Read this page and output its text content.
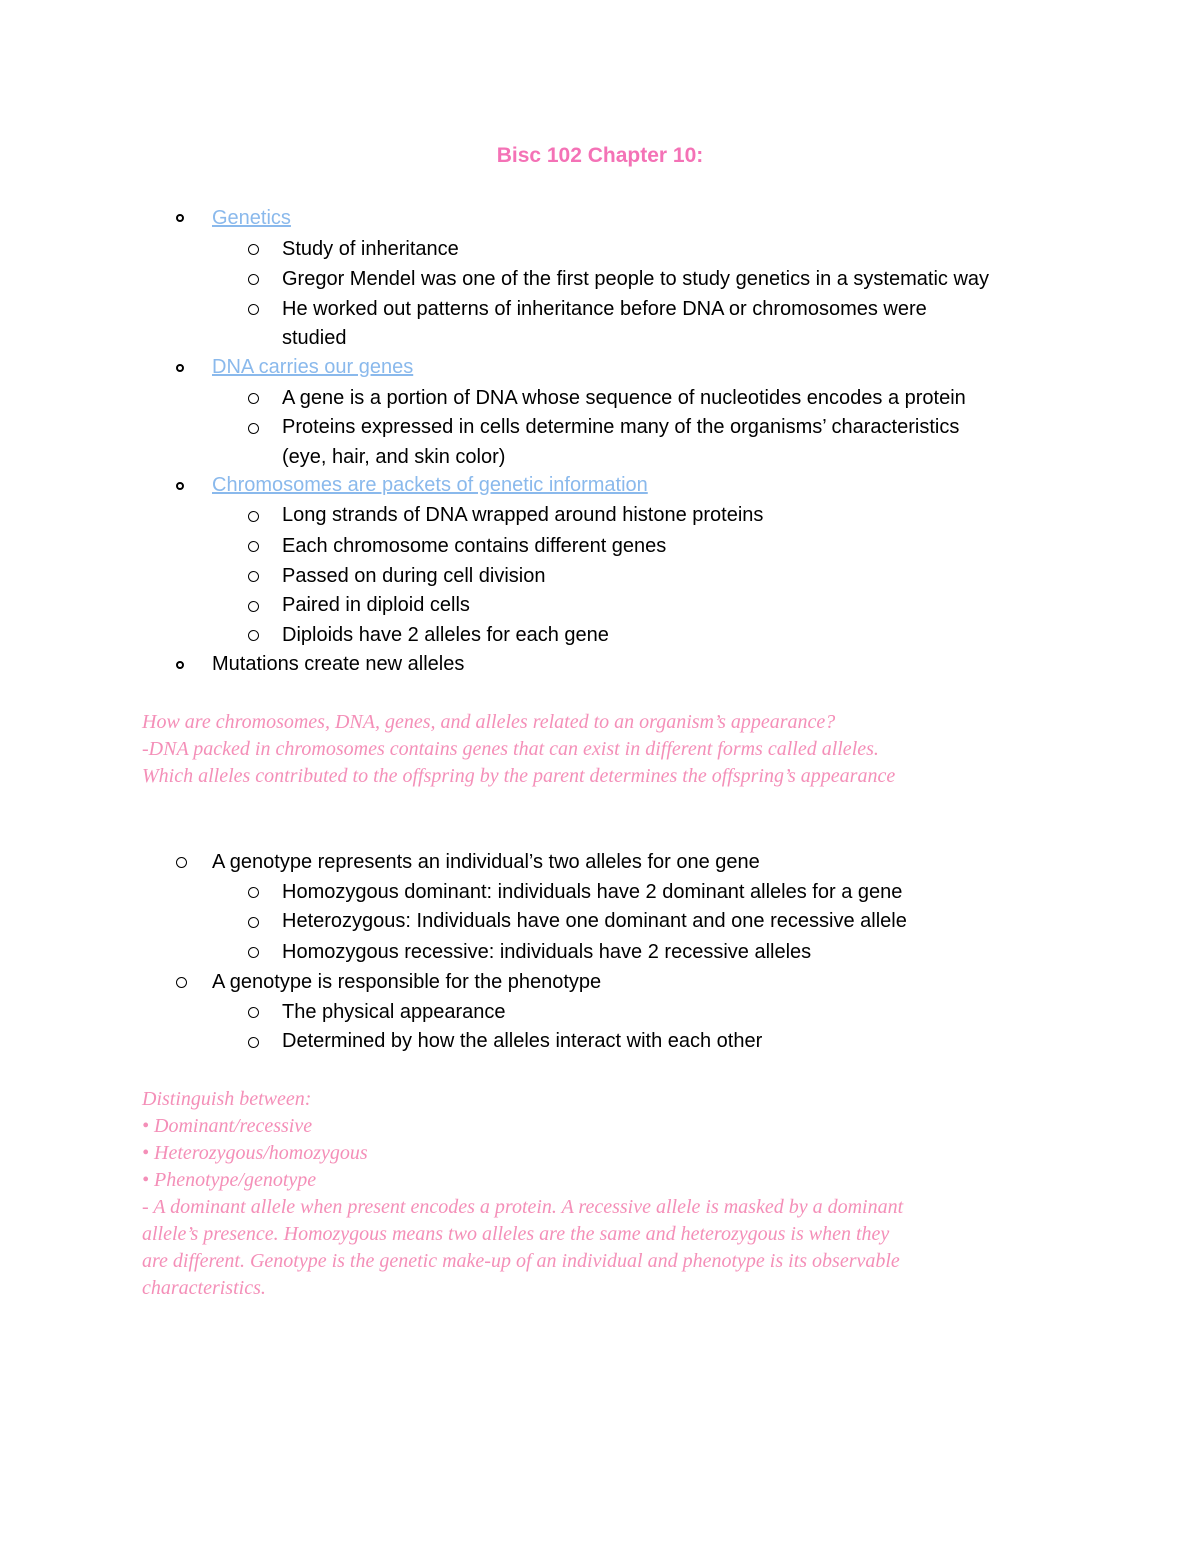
Bisc 102 Chapter 10:
Genetics
Study of inheritance
Gregor Mendel was one of the first people to study genetics in a systematic way
He worked out patterns of inheritance before DNA or chromosomes were
studied
DNA carries our genes
A gene is a portion of DNA whose sequence of nucleotides encodes a protein
Proteins expressed in cells determine many of the organisms’ characteristics
(eye, hair, and skin color)
Chromosomes are packets of genetic information
Long strands of DNA wrapped around histone proteins
Each chromosome contains different genes
Passed on during cell division
Paired in diploid cells
Diploids have 2 alleles for each gene
Mutations create new alleles
How are chromosomes, DNA, genes, and alleles related to an organism’s appearance?
-DNA packed in chromosomes contains genes that can exist in different forms called alleles.
Which alleles contributed to the offspring by the parent determines the offspring’s appearance
A genotype represents an individual’s two alleles for one gene
Homozygous dominant: individuals have 2 dominant alleles for a gene
Heterozygous: Individuals have one dominant and one recessive allele
Homozygous recessive: individuals have 2 recessive alleles
A genotype is responsible for the phenotype
The physical appearance
Determined by how the alleles interact with each other
Distinguish between:
• Dominant/recessive
• Heterozygous/homozygous
• Phenotype/genotype
- A dominant allele when present encodes a protein. A recessive allele is masked by a dominant
allele’s presence. Homozygous means two alleles are the same and heterozygous is when they
are different. Genotype is the genetic make-up of an individual and phenotype is its observable
characteristics.
